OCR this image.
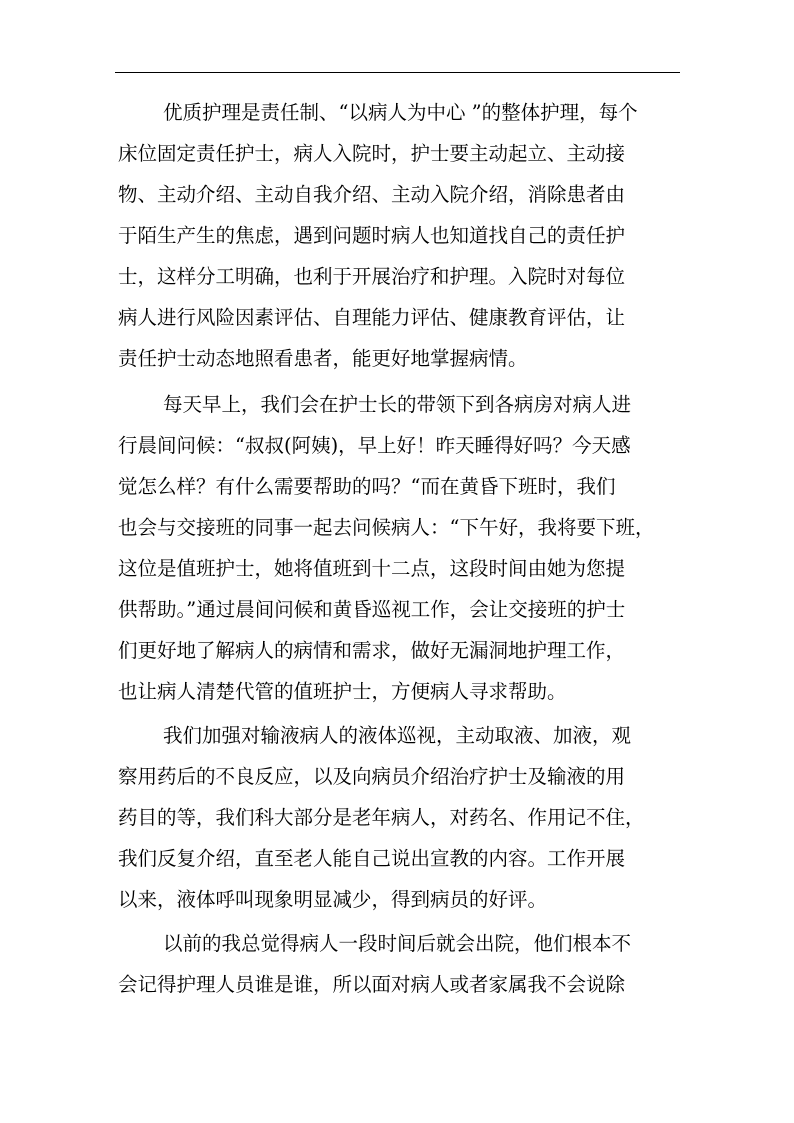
优质护理是责任制、“以病人为中心 ”的整体护理，每个
床位固定责任护士，病人入院时，护士要主动起立、主动接
物、主动介绍、主动自我介绍、主动入院介绍，消除患者由
于陌生产生的焦虑，遇到问题时病人也知道找自己的责任护
士，这样分工明确，也利于开展治疗和护理。入院时对每位
病人进行风险因素评估、自理能力评估、健康教育评估，让
责任护士动态地照看患者，能更好地掌握病情。
每天早上，我们会在护士长的带领下到各病房对病人进
行晨间问候：“叔叔(阿姨)，早上好！昨天睡得好吗？今天感
觉怎么样？有什么需要帮助的吗？“而在黄昏下班时，我们
也会与交接班的同事一起去问候病人：“下午好，我将要下班，
这位是值班护士，她将值班到十二点，这段时间由她为您提
供帮助。”通过晨间问候和黄昏巡视工作，会让交接班的护士
们更好地了解病人的病情和需求，做好无漏洞地护理工作，
也让病人清楚代管的值班护士，方便病人寻求帮助。
我们加强对输液病人的液体巡视，主动取液、加液，观
察用药后的不良反应，以及向病员介绍治疗护士及输液的用
药目的等，我们科大部分是老年病人，对药名、作用记不住，
我们反复介绍，直至老人能自己说出宣教的内容。工作开展
以来，液体呼叫现象明显减少，得到病员的好评。
以前的我总觉得病人一段时间后就会出院，他们根本不
会记得护理人员谁是谁，所以面对病人或者家属我不会说除
